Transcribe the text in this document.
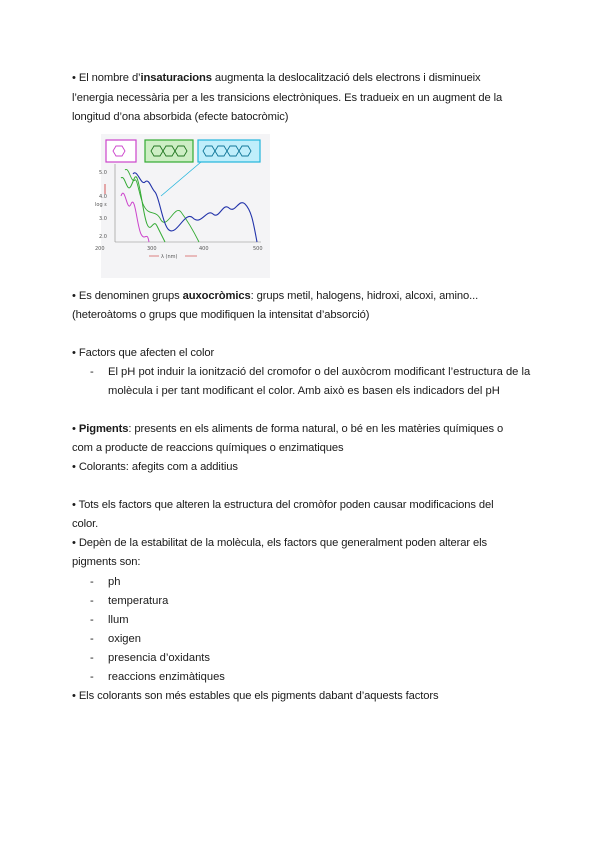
• El nombre d’insaturacions augmenta la deslocalització dels electrons i disminueix
l’energia necessària per a les transicions electròniques. Es tradueix en un augment de la
longitud d’ona absorbida (efecte batocròmic)
5.0
4.0
3.0
2.0
log ε
200	300	400	500
λ (nm)
• Es denominen grups auxocròmics: grups metil, halogens, hidroxi, alcoxi, amino...
(heteroàtoms o grups que modifiquen la intensitat d’absorció)
• Factors que afecten el color
- El pH pot induir la ionització del cromofor o del auxòcrom modificant l’estructura de la
molècula i per tant modificant el color. Amb això es basen els indicadors del pH
• Pigments: presents en els aliments de forma natural, o bé en les matèries químiques o
com a producte de reaccions químiques o enzimatiques
• Colorants: afegits com a additius
• Tots els factors que alteren la estructura del cromòfor poden causar modificacions del
color.
• Depèn de la estabilitat de la molècula, els factors que generalment poden alterar els
pigments son:
- ph
- temperatura
- llum
- oxigen
- presencia d’oxidants
- reaccions enzimàtiques
• Els colorants son més estables que els pigments dabant d’aquests factors
